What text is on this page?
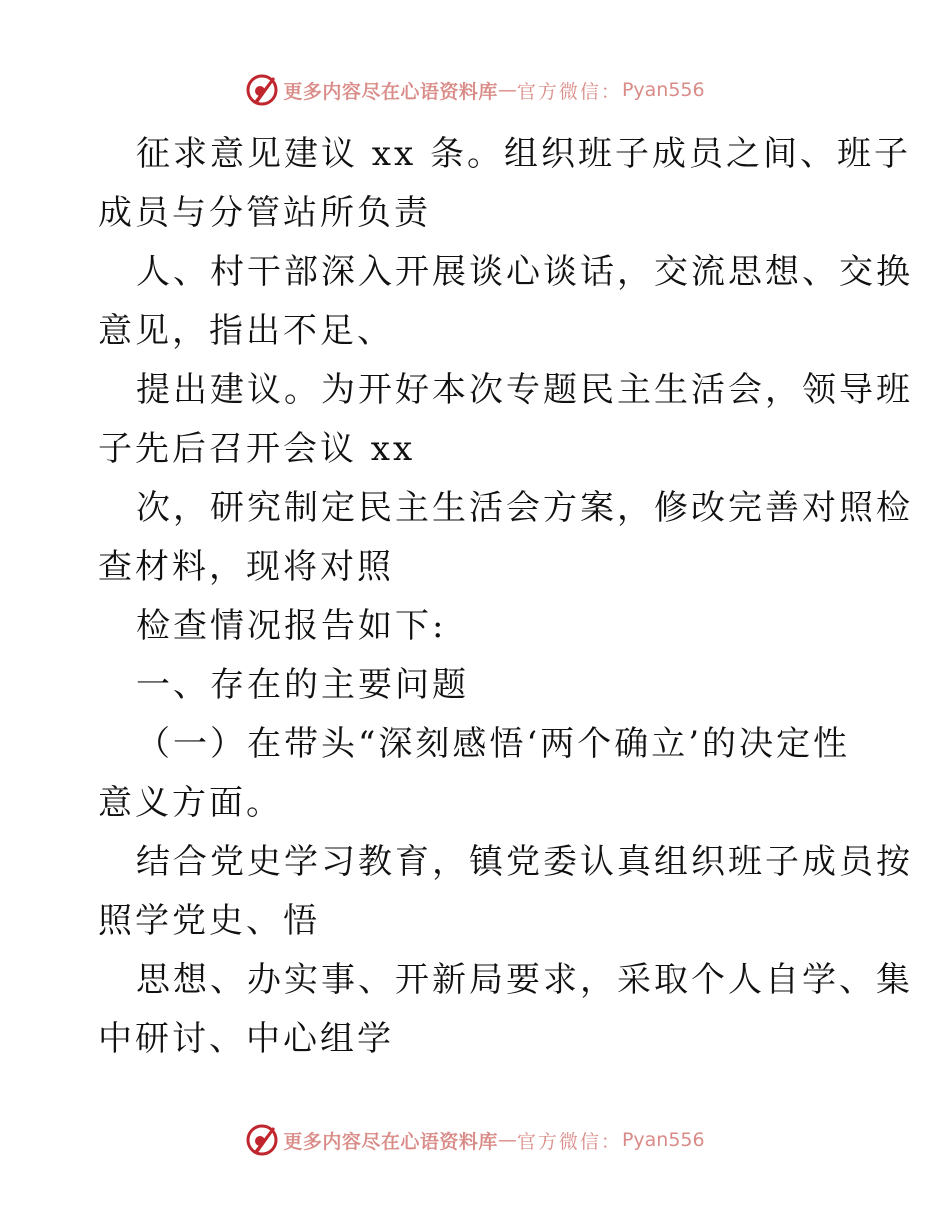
更多内容尽在心语资料库 — 官方微信： Pyan556
征求意见建议 xx 条。组织班子成员之间、班子
成员与分管站所负责
人、村干部深入开展谈心谈话，交流思想、交换
意见，指出不足、
提出建议。为开好本次专题民主生活会，领导班
子先后召开会议 xx
次，研究制定民主生活会方案，修改完善对照检
查材料，现将对照
检查情况报告如下:
一、存在的主要问题
（一）在带头“深刻感悟‘两个确立’的决定性
意义方面。
结合党史学习教育，镇党委认真组织班子成员按
照学党史、悟
思想、办实事、开新局要求，采取个人自学、集
中研讨、中心组学
更多内容尽在心语资料库 — 官方微信： Pyan556
